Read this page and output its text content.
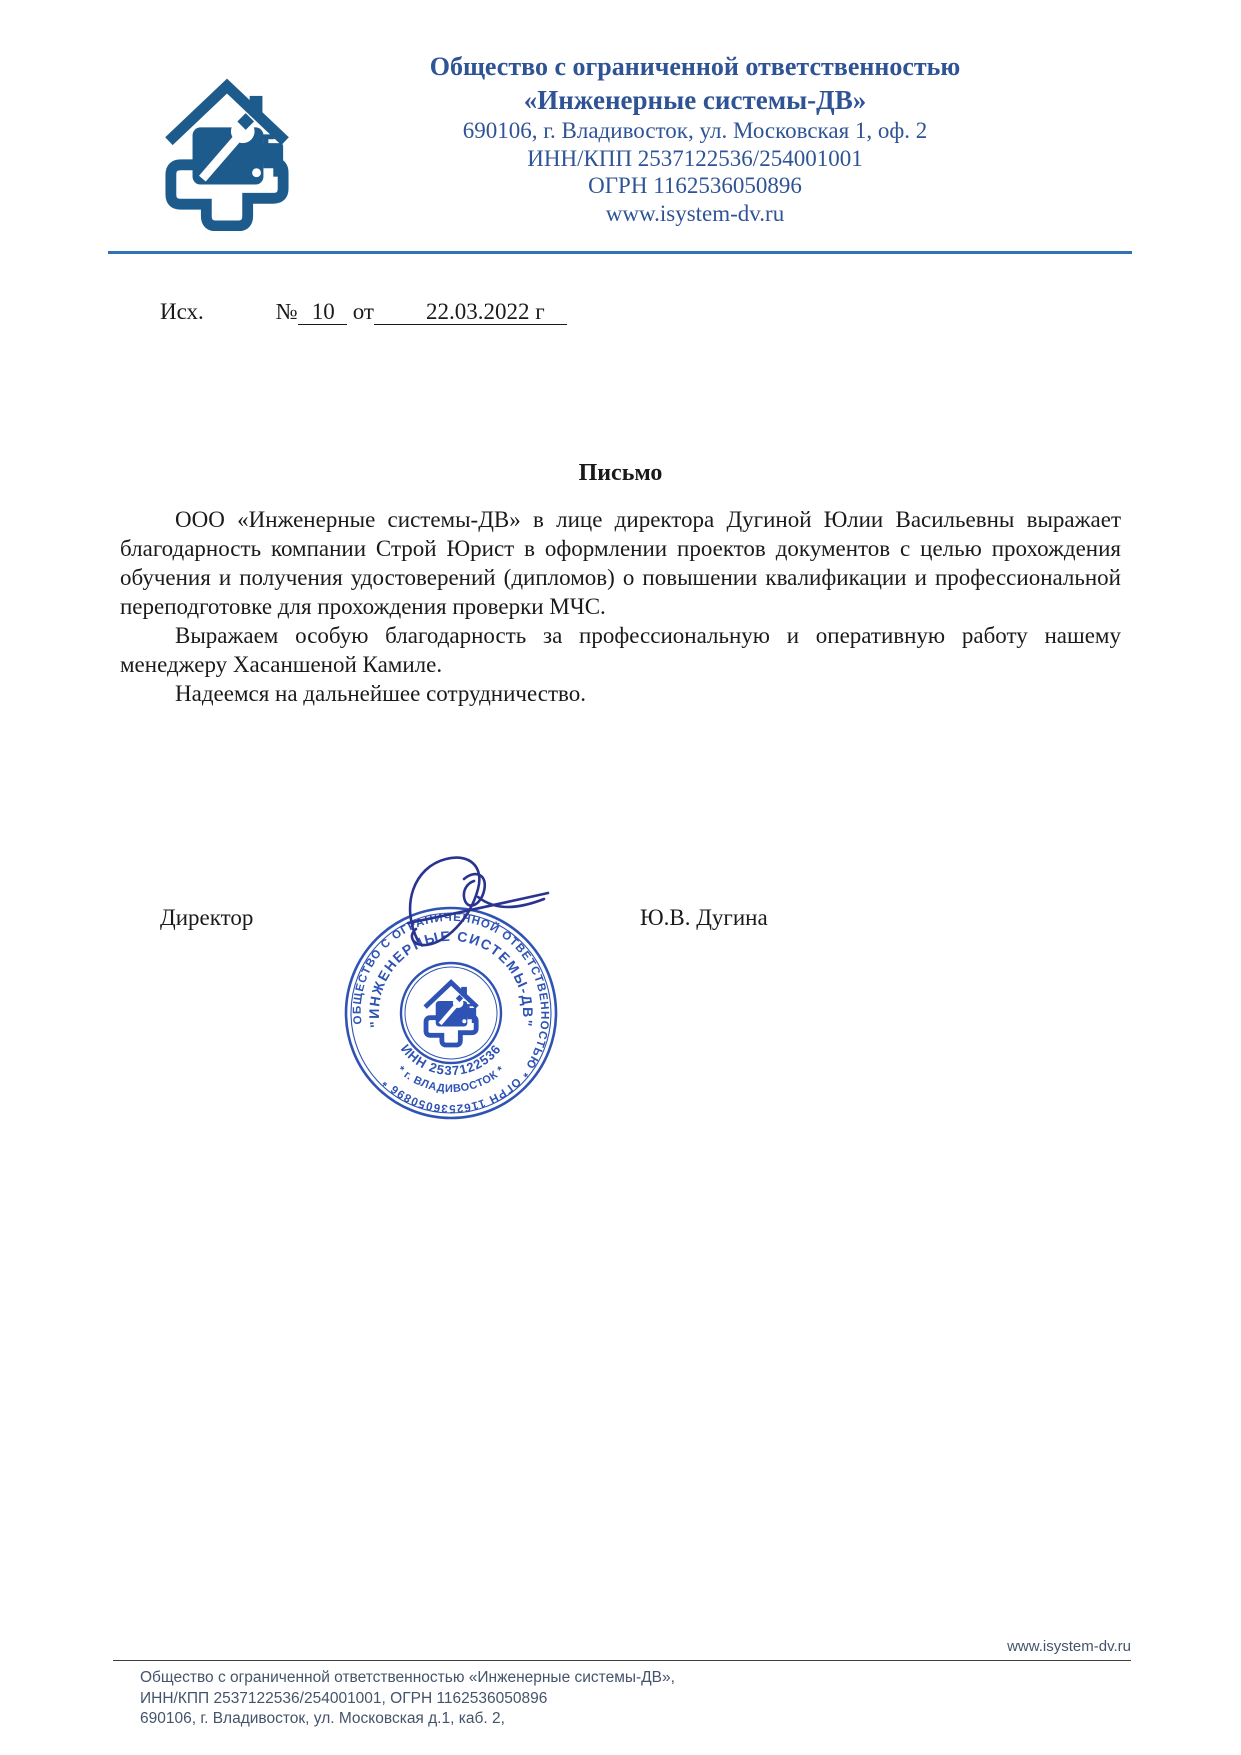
Общество с ограниченной ответственностью
«Инженерные системы-ДВ»
690106, г. Владивосток, ул. Московская 1, оф. 2
ИНН/КПП 2537122536/254001001
ОГРН 1162536050896
www.isystem-dv.ru
Исх.	№ 10 от 22.03.2022 г
Письмо

ООО «Инженерные системы-ДВ» в лице директора Дугиной Юлии Васильевны выражает благодарность компании Строй Юрист в оформлении проектов документов с целью прохождения обучения и получения удостоверений (дипломов) о повышении квалификации и профессиональной переподготовке для прохождения проверки МЧС.

Выражаем особую благодарность за профессиональную и оперативную работу нашему менеджеру Хасаншеной Камиле.

Надеемся на дальнейшее сотрудничество.

Директор	Ю.В. Дугина
ОБЩЕСТВО С ОГРАНИЧЕННОЙ ОТВЕТСТВЕННОСТЬЮ * ОГРН 1162536050896 *
"ИНЖЕНЕРНЫЕ СИСТЕМЫ-ДВ"
ИНН 2537122536
* г. ВЛАДИВОСТОК *
www.isystem-dv.ru
Общество с ограниченной ответственностью «Инженерные системы-ДВ»,
ИНН/КПП 2537122536/254001001, ОГРН 1162536050896
690106, г. Владивосток, ул. Московская д.1, каб. 2,
